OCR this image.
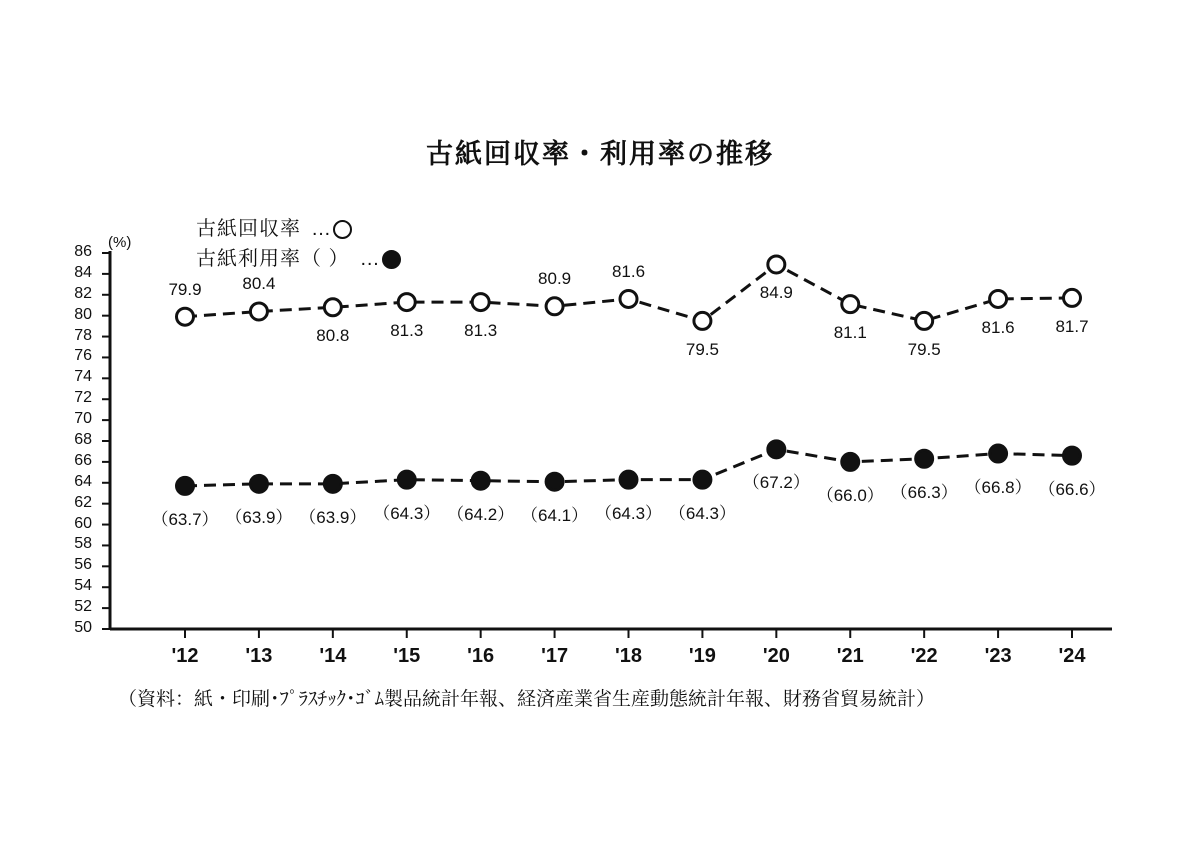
古紙回収率・利用率の推移
(%)
古紙回収率 …
古紙利用率（ ） …
86
84
82
80
78
76
74
72
70
68
66
64
62
60
58
56
54
52
50
'12	'13	'14	'15	'16	'17	'18	'19	'20	'21	'22	'23	'24
79.9	80.4
80.8	81.3	81.3
80.9	81.6
79.5
84.9
81.1
79.5
81.6	81.7
（63.7） （63.9） （63.9） （64.3） （64.2） （64.1） （64.3） （64.3）
（67.2）
（66.0） （66.3） （66.8） （66.6）
（資料：紙・印刷･ﾌﾟﾗｽﾁｯｸ･ｺﾞﾑ製品統計年報、経済産業省生産動態統計年報、財務省貿易統計）
